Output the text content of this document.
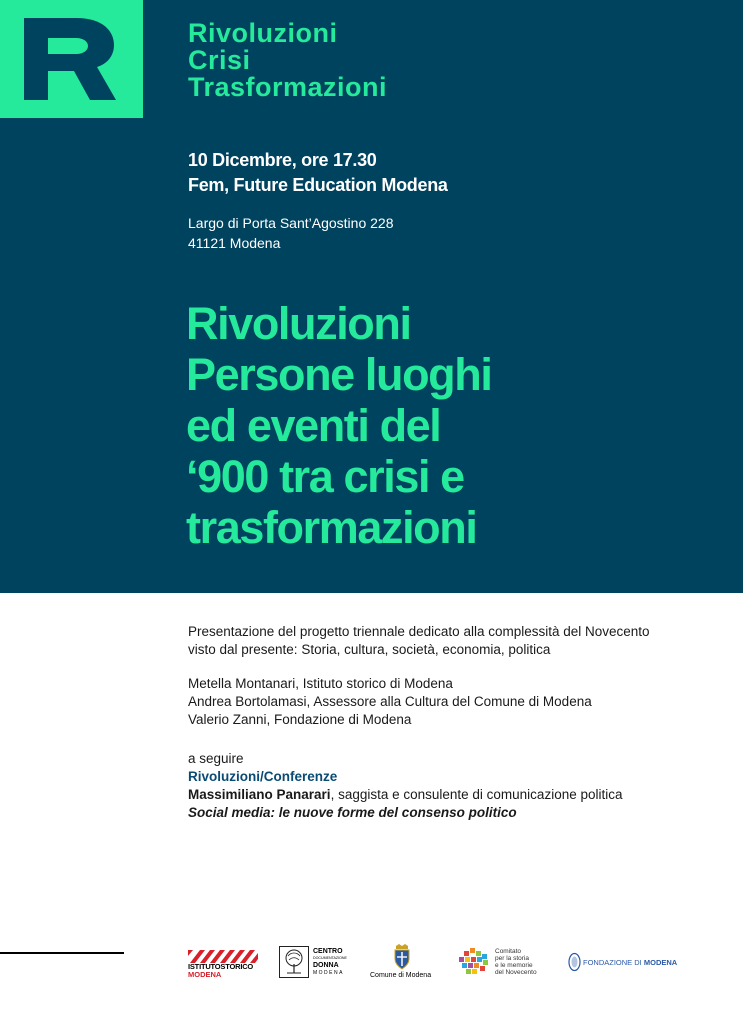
Rivoluzioni
Crisi
Trasformazioni
10 Dicembre, ore 17.30
Fem, Future Education Modena
Largo di Porta Sant’Agostino 228
41121 Modena
Rivoluzioni
Persone luoghi
ed eventi del
‘900 tra crisi e
trasformazioni
Presentazione del progetto triennale dedicato alla complessità del Novecento
visto dal presente: Storia, cultura, società, economia, politica
Metella Montanari, Istituto storico di Modena
Andrea Bortolamasi, Assessore alla Cultura del Comune di Modena
Valerio Zanni, Fondazione di Modena
a seguire
Rivoluzioni/Conferenze
Massimiliano Panarari, saggista e consulente di comunicazione politica
Social media: le nuove forme del consenso politico
ISTITUTOSTORICO
MODENA
CENTRO
DOCUMENTAZIONE
DONNA
MODENA	Comune di Modena
Comitato
per la storia
e le memorie
del Novecento
FONDAZIONE DI MODENA
